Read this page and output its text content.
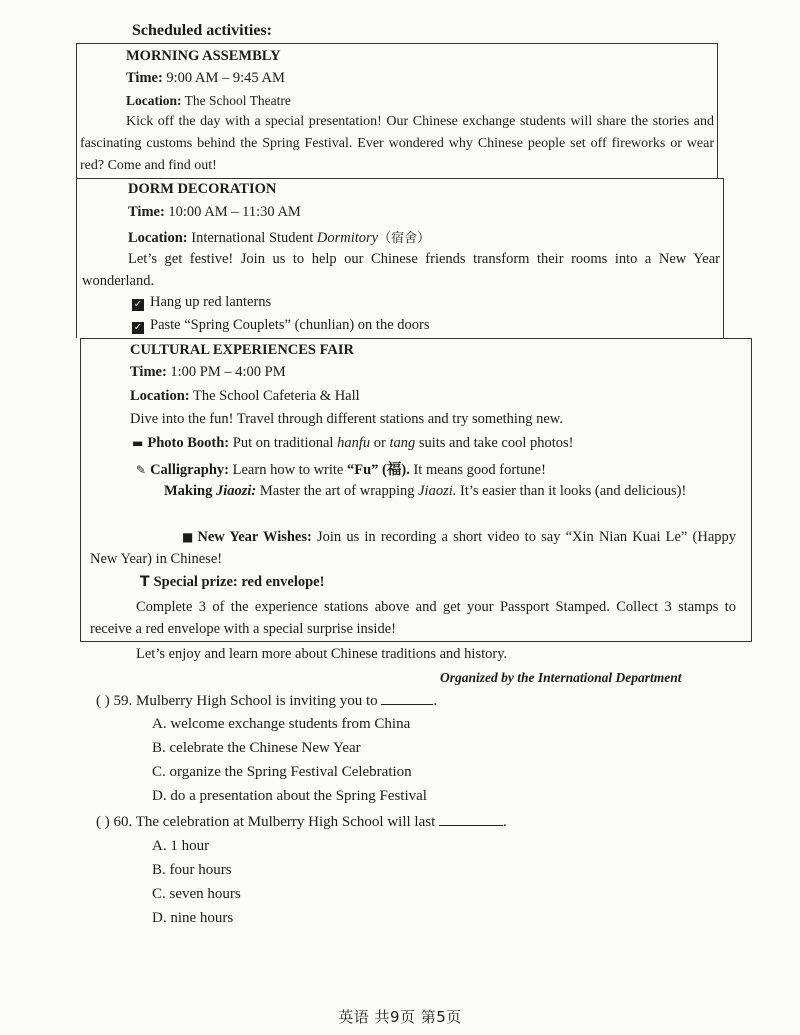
Scheduled activities:
MORNING ASSEMBLY
Time: 9:00 AM – 9:45 AM
Location: The School Theatre
Kick off the day with a special presentation! Our Chinese exchange students will share the stories and fascinating customs behind the Spring Festival. Ever wondered why Chinese people set off fireworks or wear red? Come and find out!
DORM DECORATION
Time: 10:00 AM – 11:30 AM
Location: International Student Dormitory（宿舍）
Let’s get festive! Join us to help our Chinese friends transform their rooms into a New Year wonderland.
✓ Hang up red lanterns
✓ Paste “Spring Couplets” (chunlian) on the doors
CULTURAL EXPERIENCES FAIR
Time: 1:00 PM – 4:00 PM
Location: The School Cafeteria & Hall
Dive into the fun! Travel through different stations and try something new.
▬ Photo Booth: Put on traditional hanfu or tang suits and take cool photos!
✎ Calligraphy: Learn how to write “Fu” (福). It means good fortune!
Making Jiaozi: Master the art of wrapping Jiaozi. It’s easier than it looks (and delicious)!
■ New Year Wishes: Join us in recording a short video to say “Xin Nian Kuai Le” (Happy New Year) in Chinese!
T Special prize: red envelope!
Complete 3 of the experience stations above and get your Passport Stamped. Collect 3 stamps to receive a red envelope with a special surprise inside!
Let’s enjoy and learn more about Chinese traditions and history.
Organized by the International Department
( ) 59. Mulberry High School is inviting you to	.
A. welcome exchange students from China
B. celebrate the Chinese New Year
C. organize the Spring Festival Celebration
D. do a presentation about the Spring Festival
( ) 60. The celebration at Mulberry High School will last	.
A. 1 hour
B. four hours
C. seven hours
D. nine hours
英语 共9页 第5页
